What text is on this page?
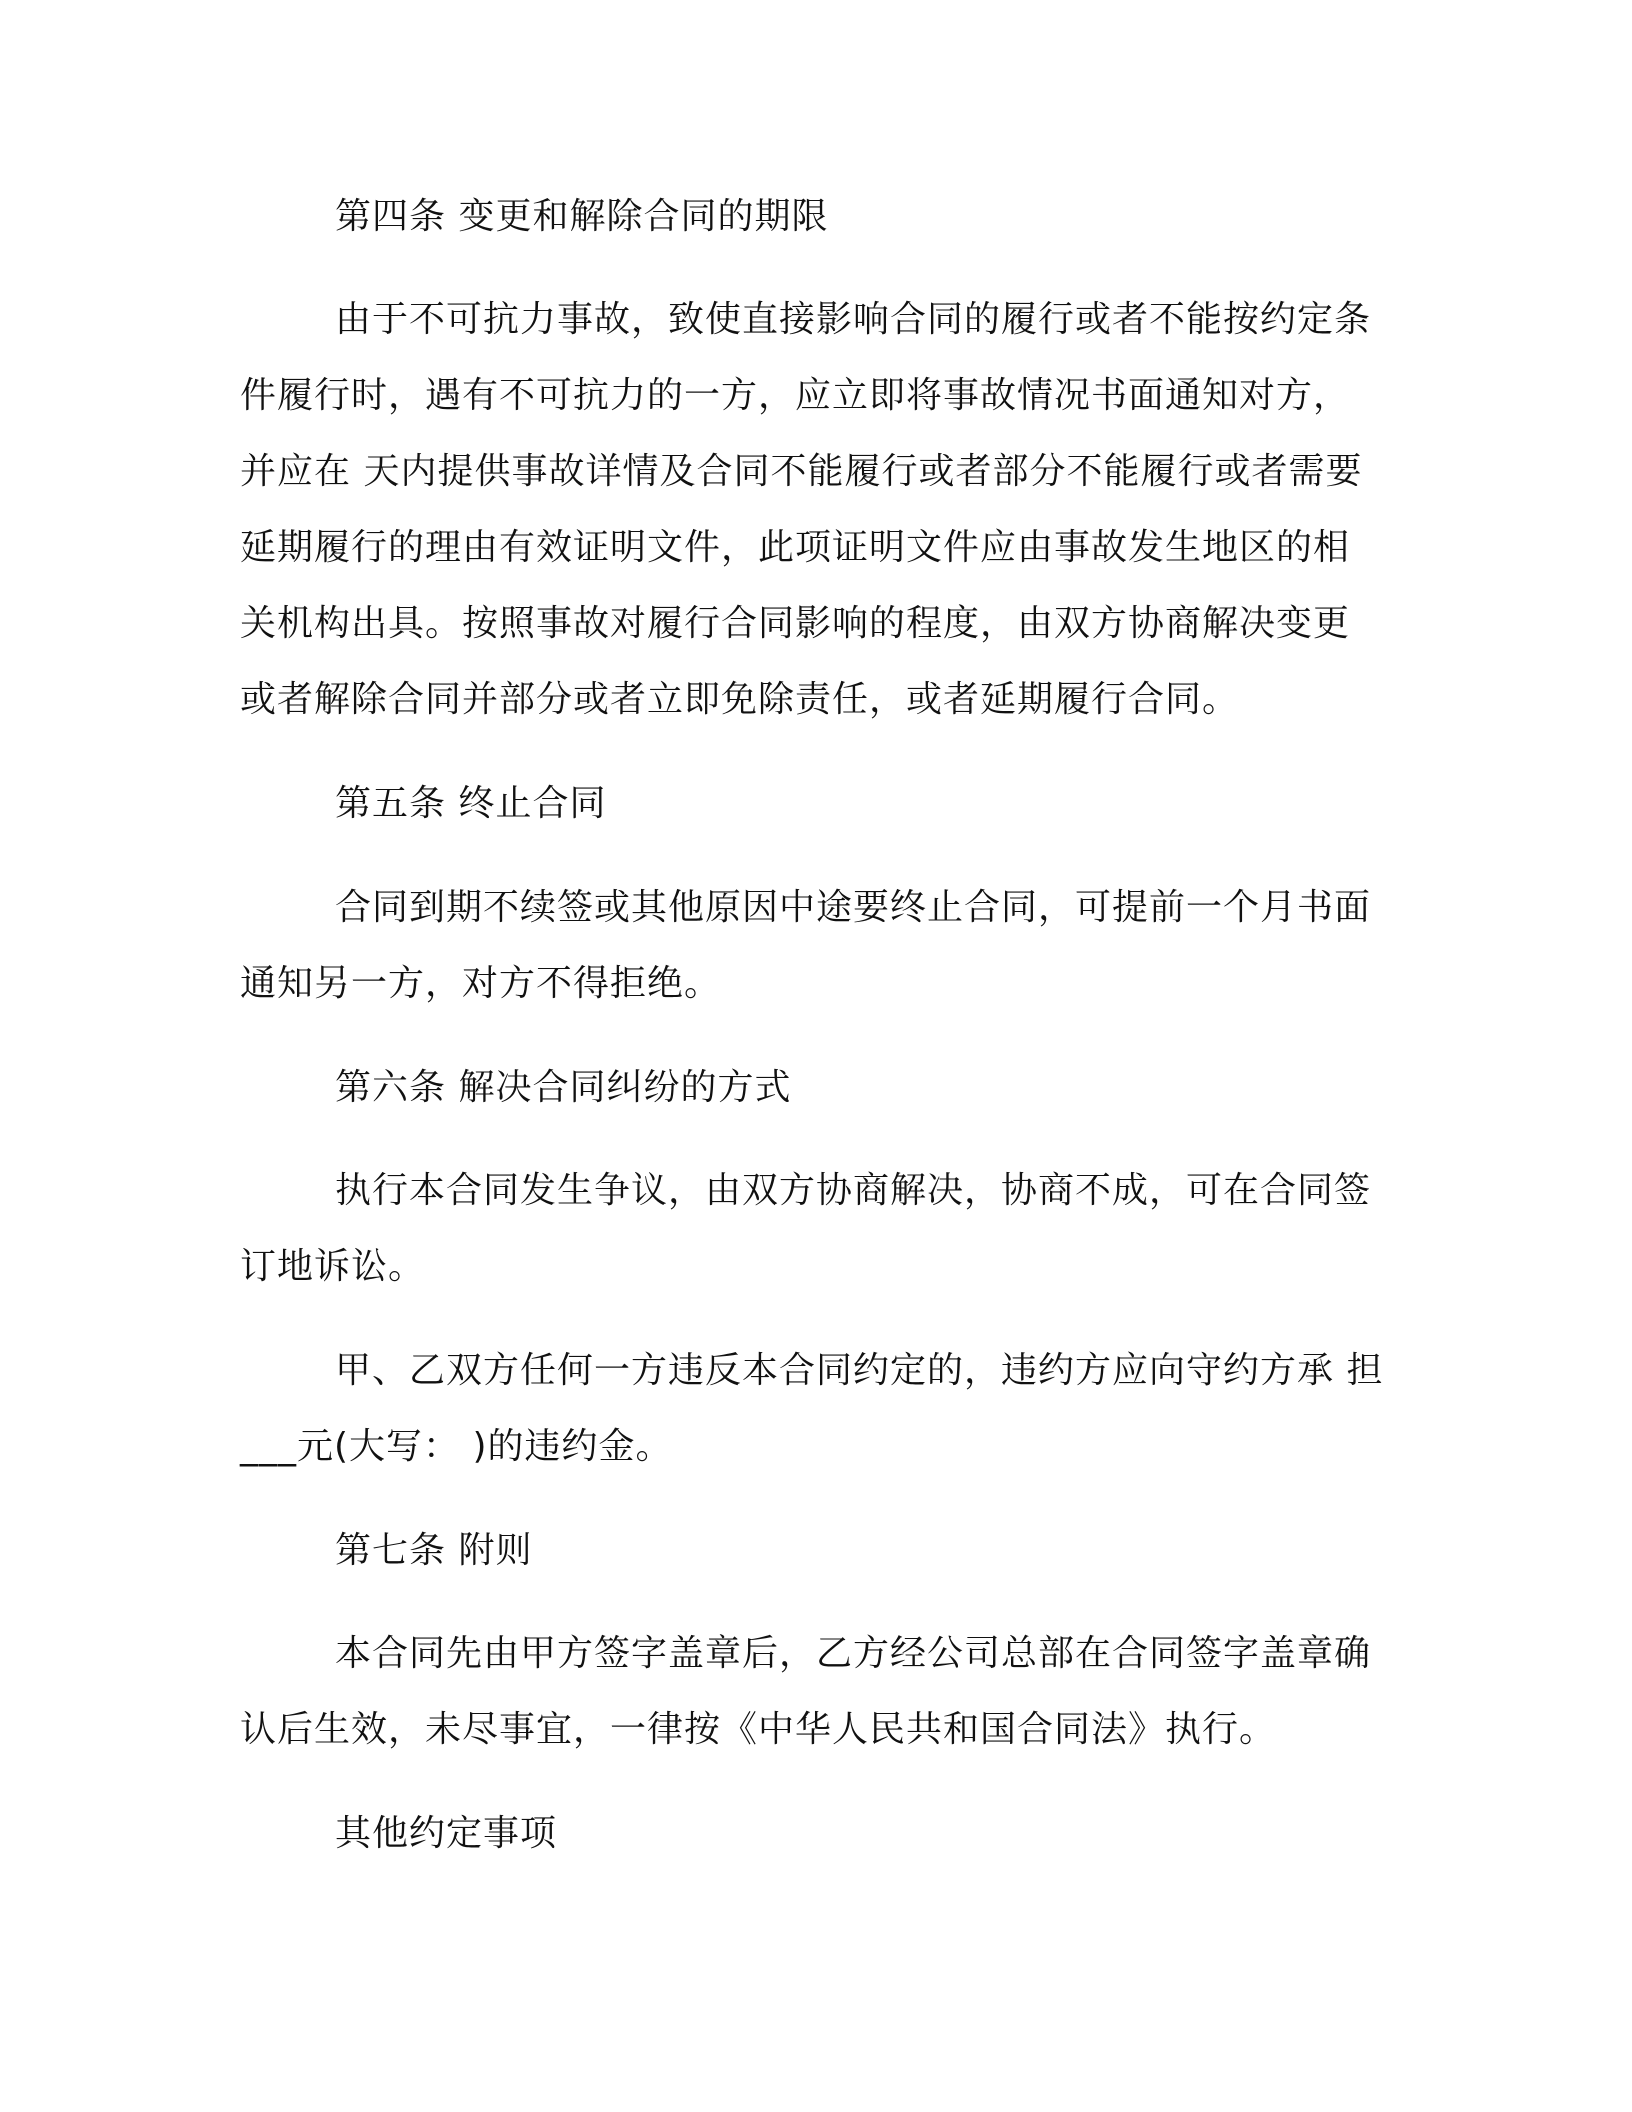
第四条 变更和解除合同的期限
由于不可抗力事故，致使直接影响合同的履行或者不能按约定条
件履行时，遇有不可抗力的一方，应立即将事故情况书面通知对方，
并应在 天内提供事故详情及合同不能履行或者部分不能履行或者需要
延期履行的理由有效证明文件，此项证明文件应由事故发生地区的相
关机构出具。按照事故对履行合同影响的程度，由双方协商解决变更
或者解除合同并部分或者立即免除责任，或者延期履行合同。
第五条 终止合同
合同到期不续签或其他原因中途要终止合同，可提前一个月书面
通知另一方，对方不得拒绝。
第六条 解决合同纠纷的方式
执行本合同发生争议，由双方协商解决，协商不成，可在合同签
订地诉讼。
甲、乙双方任何一方违反本合同约定的，违约方应向守约方承 担
___元(大写： )的违约金。
第七条 附则
本合同先由甲方签字盖章后，乙方经公司总部在合同签字盖章确
认后生效，未尽事宜，一律按《中华人民共和国合同法》执行。
其他约定事项
